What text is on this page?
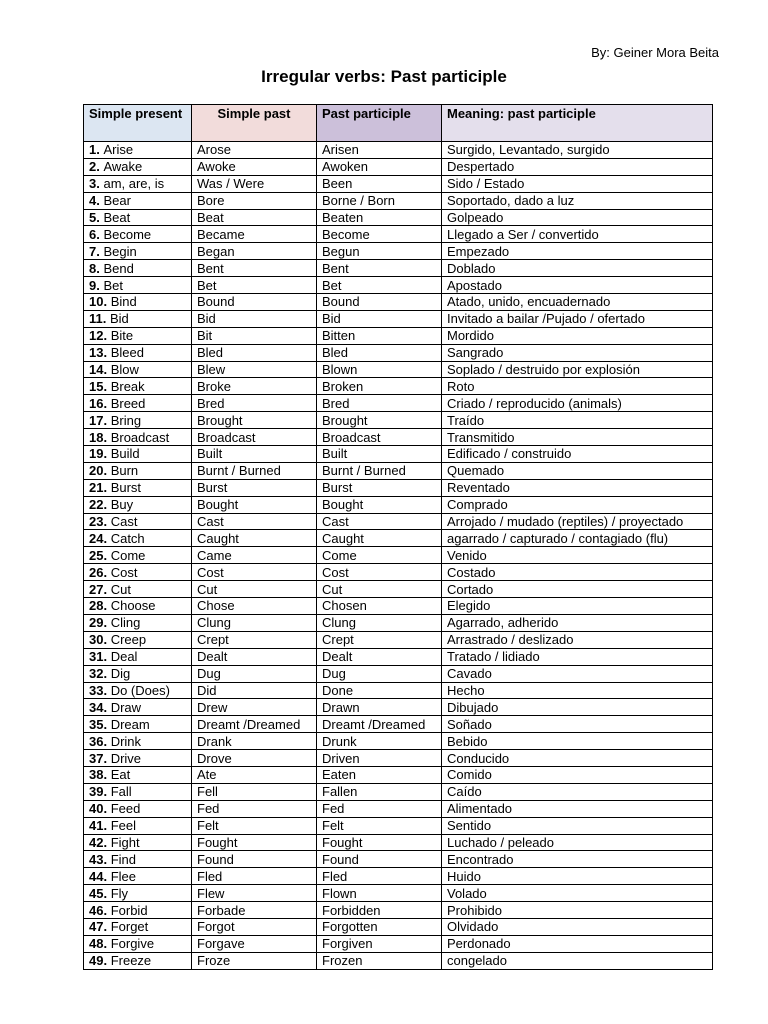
By: Geiner Mora Beita
Irregular verbs: Past participle
Simple present	Simple past	Past participle	Meaning: past participle
1. Arise	Arose	Arisen	Surgido, Levantado, surgido
2. Awake	Awoke	Awoken	Despertado
3. am, are, is	Was / Were	Been	Sido / Estado
4. Bear	Bore	Borne / Born	Soportado, dado a luz
5. Beat	Beat	Beaten	Golpeado
6. Become	Became	Become	Llegado a Ser / convertido
7. Begin	Began	Begun	Empezado
8. Bend	Bent	Bent	Doblado
9. Bet	Bet	Bet	Apostado
10. Bind	Bound	Bound	Atado, unido, encuadernado
11. Bid	Bid	Bid	Invitado a bailar /Pujado / ofertado
12. Bite	Bit	Bitten	Mordido
13. Bleed	Bled	Bled	Sangrado
14. Blow	Blew	Blown	Soplado / destruido por explosión
15. Break	Broke	Broken	Roto
16. Breed	Bred	Bred	Criado / reproducido (animals)
17. Bring	Brought	Brought	Traído
18. Broadcast	Broadcast	Broadcast	Transmitido
19. Build	Built	Built	Edificado / construido
20. Burn	Burnt / Burned	Burnt / Burned	Quemado
21. Burst	Burst	Burst	Reventado
22. Buy	Bought	Bought	Comprado
23. Cast	Cast	Cast	Arrojado / mudado (reptiles) / proyectado
24. Catch	Caught	Caught	agarrado / capturado / contagiado (flu)
25. Come	Came	Come	Venido
26. Cost	Cost	Cost	Costado
27. Cut	Cut	Cut	Cortado
28. Choose	Chose	Chosen	Elegido
29. Cling	Clung	Clung	Agarrado, adherido
30. Creep	Crept	Crept	Arrastrado / deslizado
31. Deal	Dealt	Dealt	Tratado / lidiado
32. Dig	Dug	Dug	Cavado
33. Do (Does)	Did	Done	Hecho
34. Draw	Drew	Drawn	Dibujado
35. Dream	Dreamt /Dreamed	Dreamt /Dreamed	Soñado
36. Drink	Drank	Drunk	Bebido
37. Drive	Drove	Driven	Conducido
38. Eat	Ate	Eaten	Comido
39. Fall	Fell	Fallen	Caído
40. Feed	Fed	Fed	Alimentado
41. Feel	Felt	Felt	Sentido
42. Fight	Fought	Fought	Luchado / peleado
43. Find	Found	Found	Encontrado
44. Flee	Fled	Fled	Huido
45. Fly	Flew	Flown	Volado
46. Forbid	Forbade	Forbidden	Prohibido
47. Forget	Forgot	Forgotten	Olvidado
48. Forgive	Forgave	Forgiven	Perdonado
49. Freeze	Froze	Frozen	congelado
